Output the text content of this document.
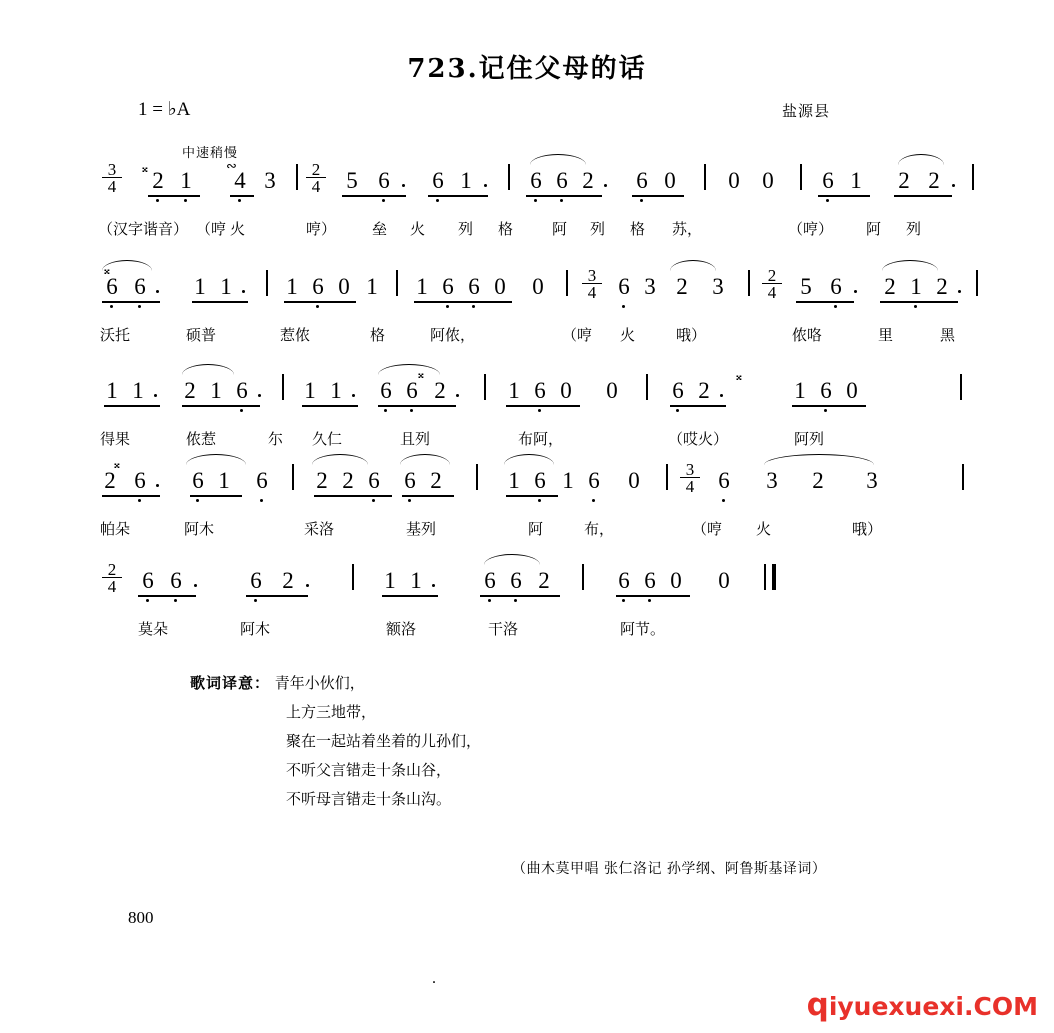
723.记住父母的话
1 = ♭A	盐源县
中速稍慢
$\frac{3}{4}$ 𝄪
2 1
∾
4 $3 \frac{2}{4} 5$ 6 6 1	6 6 2 6 0 0 0 6 1 2 2
（汉字谐音） （哼 火	哼） 垒 火 列 格	阿 列 格 苏，	（哼） 阿 列
𝄪
6 6 1 1 1 6 0 1 1 6 6 0 $0 \frac{3}{4} 6$ 3 2 $3 \frac{2}{4} 5$ 6 2 1 2
沃托	硕普	惹侬	格	阿侬，	（哼 火	哦）	侬咯	里	黑
1 1 2 1 6 1 1
𝄪
6 6 2	1 6 0 0 6 2
𝄪
1 6 0
得果	侬惹	尓 久仁	且列	布阿，	（哎火）	阿列
𝄪
2 6 6 1 6 2 2 6 6 2	1 6 1 6 $0 \frac{3}{4} 6$ 3 2 3
帕朵	阿木	采洛	基列	阿	布，	（哼 火	哦）
$\frac{2}{4} 6$ 6	6 2	1 1	6 6 2	6 6 0 0
莫朵	阿木	额洛	干洛	阿节。
歌词译意： 青年小伙们，
上方三地带，
聚在一起站着坐着的儿孙们，
不听父言错走十条山谷，
不听母言错走十条山沟。
（曲木莫甲唱 张仁洛记 孙学纲、阿鲁斯基译词）
800
.
qiyuexuexi.COM
